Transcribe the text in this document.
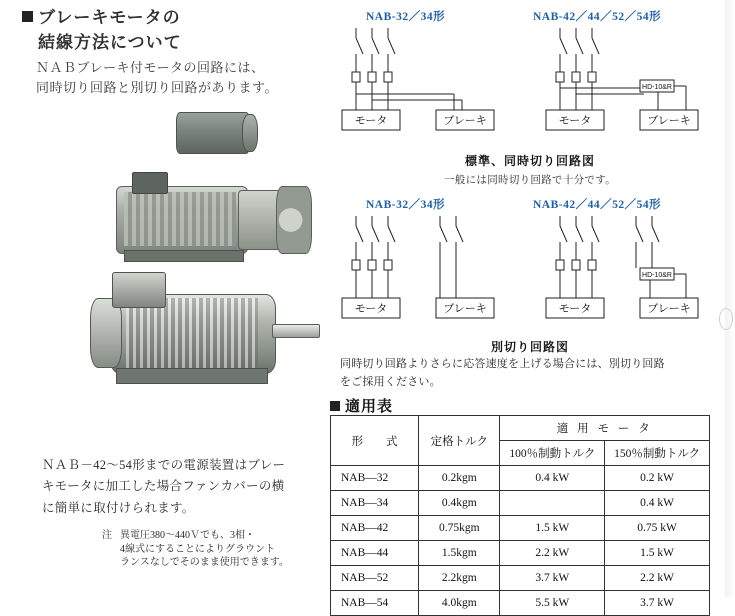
ブレーキモータの
結線方法について
ＮＡＢブレーキ付モータの回路には、
同時切り回路と別切り回路があります。
ＮＡＢ－42～54形までの電源装置はブレー
キモータに加工した場合ファンカバーの横
に簡単に取付けられます。
注 異電圧380～440Ｖでも、3相・
4線式にすることによりグラウント
ランスなしでそのまま使用できます。
NAB-32／34形
モータ	ブレーキ
NAB-42／44／52／54形
HD-10&R
モータ	ブレーキ
標準、同時切り回路図
一般には同時切り回路で十分です。
NAB-32／34形
モータ	ブレーキ
NAB-42／44／52／54形
HD-10&R
モータ	ブレーキ
別切り回路図
同時切り回路よりさらに応答速度を上げる場合には、別切り回路
をご採用ください。
適用表
形　　式	定格トルク	適 用 モ ー タ	
		100％制動トルク	150％制動トルク
NAB―32	0.2kgm	0.4 kW	0.2 kW
NAB―34	0.4kgm		0.4 kW
NAB―42	0.75kgm	1.5 kW	0.75 kW
NAB―44	1.5kgm	2.2 kW	1.5 kW
NAB―52	2.2kgm	3.7 kW	2.2 kW
NAB―54	4.0kgm	5.5 kW	3.7 kW
